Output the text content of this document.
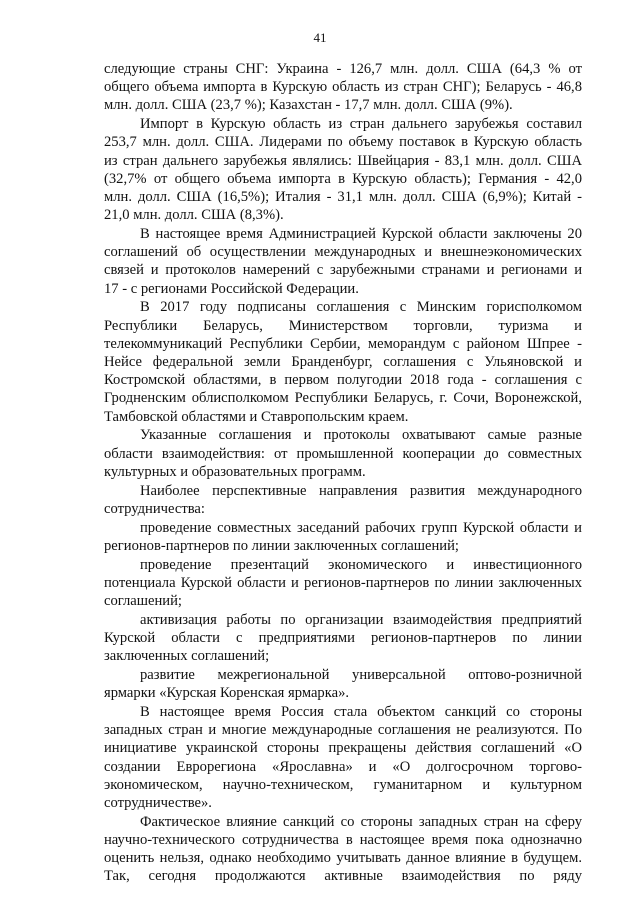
41
следующие страны СНГ: Украина - 126,7 млн. долл. США (64,3 % от
общего объема импорта в Курскую область из стран СНГ); Беларусь - 46,8
млн. долл. США (23,7 %); Казахстан - 17,7 млн. долл. США (9%).
Импорт в Курскую область из стран дальнего зарубежья составил
253,7 млн. долл. США. Лидерами по объему поставок в Курскую область
из стран дальнего зарубежья являлись: Швейцария - 83,1 млн. долл. США
(32,7% от общего объема импорта в Курскую область); Германия - 42,0
млн. долл. США (16,5%); Италия - 31,1 млн. долл. США (6,9%); Китай -
21,0 млн. долл. США (8,3%).
В настоящее время Администрацией Курской области заключены 20
соглашений об осуществлении международных и внешнеэкономических
связей и протоколов намерений с зарубежными странами и регионами и
17 - с регионами Российской Федерации.
В 2017 году подписаны соглашения с Минским горисполкомом
Республики Беларусь, Министерством торговли, туризма и
телекоммуникаций Республики Сербии, меморандум с районом Шпрее -
Нейсе федеральной земли Бранденбург, соглашения с Ульяновской и
Костромской областями, в первом полугодии 2018 года - соглашения с
Гродненским облисполкомом Республики Беларусь, г. Сочи, Воронежской,
Тамбовской областями и Ставропольским краем.
Указанные соглашения и протоколы охватывают самые разные
области взаимодействия: от промышленной кооперации до совместных
культурных и образовательных программ.
Наиболее перспективные направления развития международного
сотрудничества:
проведение совместных заседаний рабочих групп Курской области и
регионов-партнеров по линии заключенных соглашений;
проведение презентаций экономического и инвестиционного
потенциала Курской области и регионов-партнеров по линии заключенных
соглашений;
активизация работы по организации взаимодействия предприятий
Курской области с предприятиями регионов-партнеров по линии
заключенных соглашений;
развитие межрегиональной универсальной оптово-розничной
ярмарки «Курская Коренская ярмарка».
В настоящее время Россия стала объектом санкций со стороны
западных стран и многие международные соглашения не реализуются. По
инициативе украинской стороны прекращены действия соглашений «О
создании Еврорегиона «Ярославна» и «О долгосрочном торгово-
экономическом, научно-техническом, гуманитарном и культурном
сотрудничестве».
Фактическое влияние санкций со стороны западных стран на сферу
научно-технического сотрудничества в настоящее время пока однозначно
оценить нельзя, однако необходимо учитывать данное влияние в будущем.
Так, сегодня продолжаются активные взаимодействия по ряду
